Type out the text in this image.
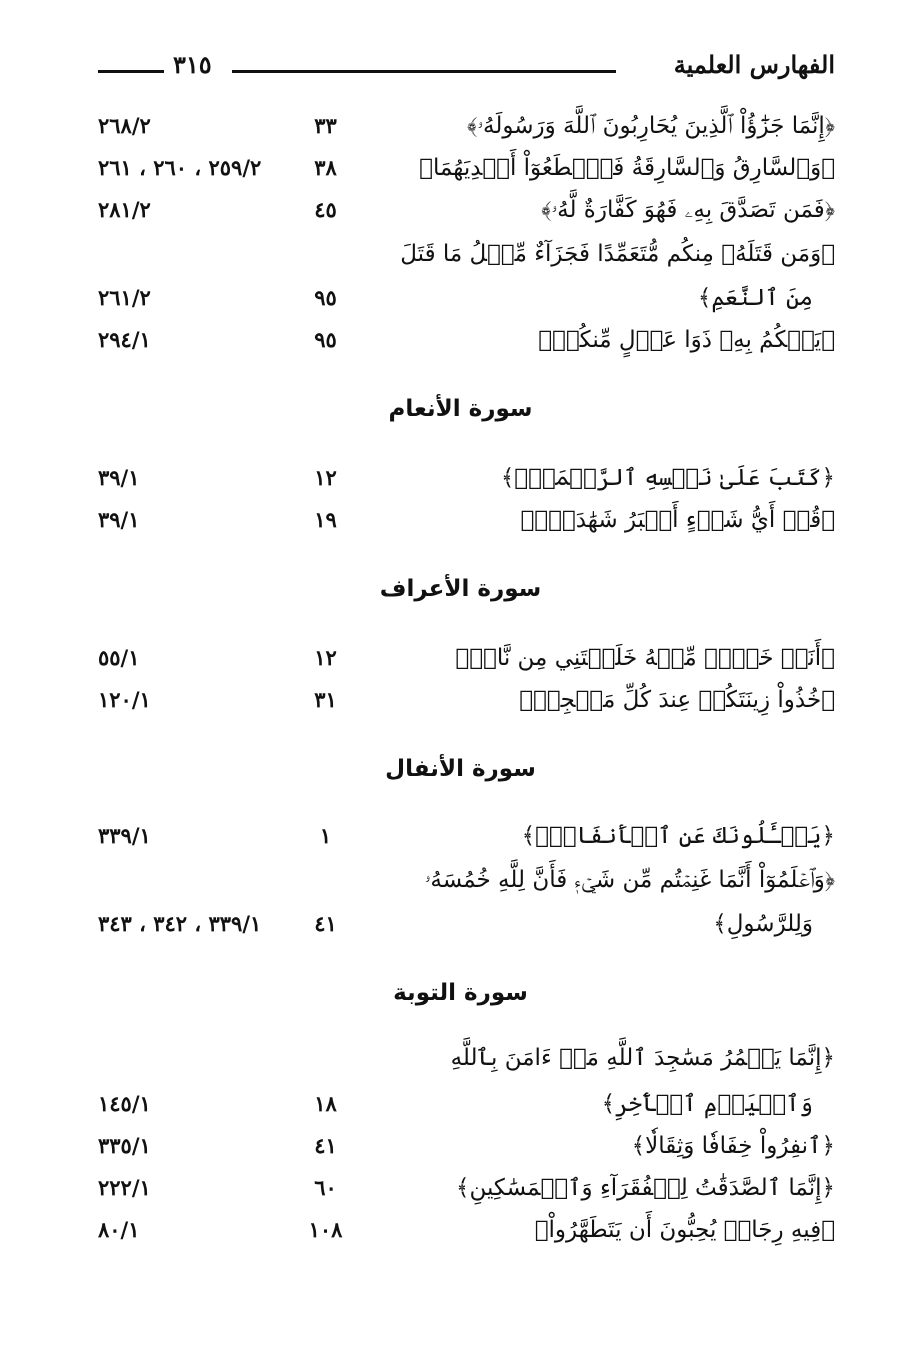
الفهارس العلمية
٣١٥
﴿إِنَّمَا جَزَٰٓؤُاْ ٱلَّذِينَ يُحَارِبُونَ ٱللَّهَ وَرَسُولَهُۥ﴾
٣٣
٢٦٨/٢
﴿وَٱلسَّارِقُ وَٱلسَّارِقَةُ فَٱقۡطَعُوٓاْ أَيۡدِيَهُمَا﴾
٣٨
٢٥٩/٢ ، ٢٦٠ ، ٢٦١
﴿فَمَن تَصَدَّقَ بِهِۦ فَهُوَ كَفَّارَةٌ لَّهُۥ﴾
٤٥
٢٨١/٢
﴿وَمَن قَتَلَهُۥ مِنكُم مُّتَعَمِّدًا فَجَزَآءٌ مِّثۡلُ مَا قَتَلَ
مِنَ ٱلنَّعَمِ﴾
٩٥
٢٦١/٢
﴿يَحۡكُمُ بِهِۦ ذَوَا عَدۡلٍ مِّنكُمۡ﴾
٩٥
٢٩٤/١
سورة الأنعام
﴿كَتَبَ عَلَىٰ نَفۡسِهِ ٱلرَّحۡمَةَۚ﴾
١٢
٣٩/١
﴿قُلۡ أَيُّ شَيۡءٍ أَكۡبَرُ شَهَٰدَةٗۖ﴾
١٩
٣٩/١
سورة الأعراف
﴿أَنَا۠ خَيۡرٞ مِّنۡهُ خَلَقۡتَنِي مِن نَّارٖ﴾
١٢
٥٥/١
﴿خُذُواْ زِينَتَكُمۡ عِندَ كُلِّ مَسۡجِدٖ﴾
٣١
١٢٠/١
سورة الأنفال
﴿يَسۡـَٔلُونَكَ عَنِ ٱلۡأَنفَالِۖ﴾
١
٣٣٩/١
﴿وَٱعۡلَمُوٓاْ أَنَّمَا غَنِمۡتُم مِّن شَيۡءٖ فَأَنَّ لِلَّهِ خُمُسَهُۥ
وَلِلرَّسُولِ﴾
٤١
٣٣٩/١ ، ٣٤٢ ، ٣٤٣
سورة التوبة
﴿إِنَّمَا يَعۡمُرُ مَسَٰجِدَ ٱللَّهِ مَنۡ ءَامَنَ بِٱللَّهِ
وَٱلۡيَوۡمِ ٱلۡأٓخِرِ﴾
١٨
١٤٥/١
﴿ٱنفِرُواْ خِفَافٗا وَثِقَالٗا﴾
٤١
٣٣٥/١
﴿إِنَّمَا ٱلصَّدَقَٰتُ لِلۡفُقَرَآءِ وَٱلۡمَسَٰكِينِ﴾
٦٠
٢٢٢/١
﴿فِيهِ رِجَالٞ يُحِبُّونَ أَن يَتَطَهَّرُواْ﴾
١٠٨
٨٠/١
